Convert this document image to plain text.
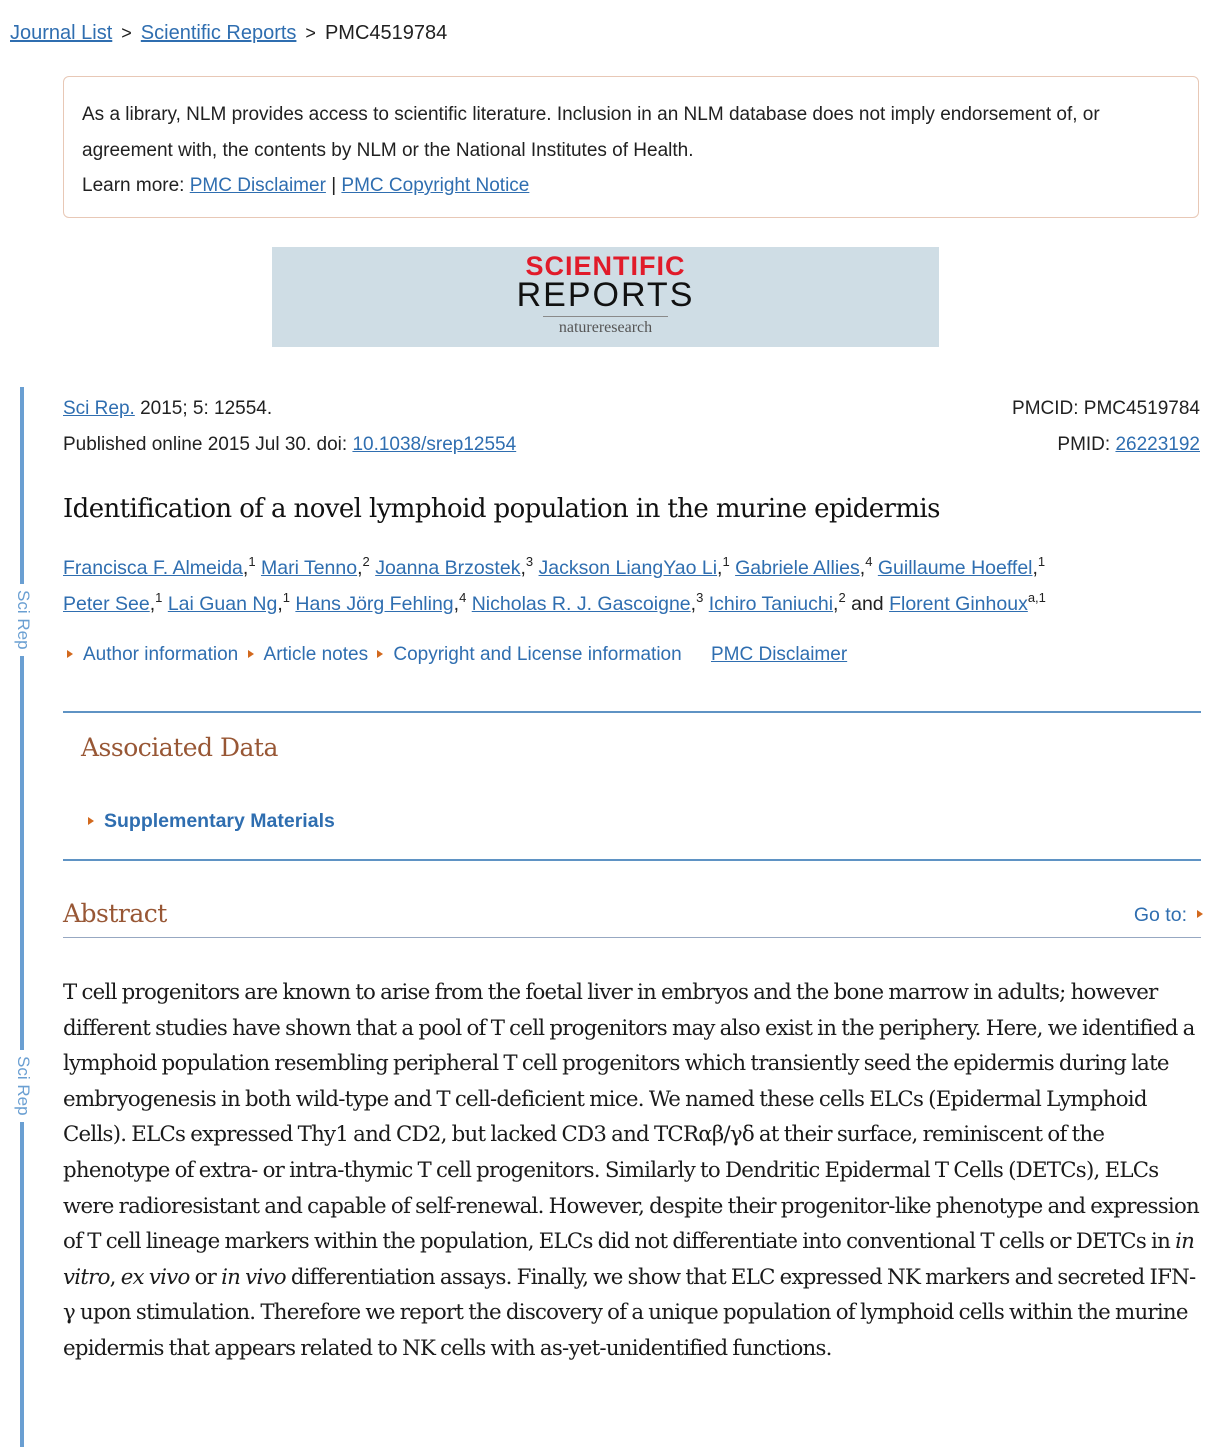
Journal List > Scientific Reports > PMC4519784
As a library, NLM provides access to scientific literature. Inclusion in an NLM database does not imply endorsement of, or agreement with, the contents by NLM or the National Institutes of Health.
Learn more: PMC Disclaimer | PMC Copyright Notice
SCIENTIFIC
REPORTS
natureresearch
Sci Rep
Sci Rep
Sci Rep. 2015; 5: 12554.
Published online 2015 Jul 30. doi: 10.1038/srep12554
PMCID: PMC4519784
PMID: 26223192
Identification of a novel lymphoid population in the murine epidermis
Francisca F. Almeida,$^1$ Mari Tenno,$^2$ Joanna Brzostek,$^3$ Jackson LiangYao Li,$^1$ Gabriele Allies,$^4$ Guillaume Hoeffel,$^1$
Peter See,$^1$ Lai Guan Ng,$^1$ Hans Jörg Fehling,$^4$ Nicholas R. J. Gascoigne,$^3$ Ichiro Taniuchi,$^2$ and Florent Ginhoux$^{a,1}$
Author information Article notes Copyright and License information PMC Disclaimer
Associated Data
Supplementary Materials
Abstract	Go to:

T cell progenitors are known to arise from the foetal liver in embryos and the bone marrow in adults; however different studies have shown that a pool of T cell progenitors may also exist in the periphery. Here, we identified a lymphoid population resembling peripheral T cell progenitors which transiently seed the epidermis during late embryogenesis in both wild-type and T cell-deficient mice. We named these cells ELCs (Epidermal Lymphoid Cells). ELCs expressed Thy1 and CD2, but lacked CD3 and TCRαβ/γδ at their surface, reminiscent of the phenotype of extra- or intra-thymic T cell progenitors. Similarly to Dendritic Epidermal T Cells (DETCs), ELCs were radioresistant and capable of self-renewal. However, despite their progenitor-like phenotype and expression of T cell lineage markers within the population, ELCs did not differentiate into conventional T cells or DETCs in in vitro, ex vivo or in vivo differentiation assays. Finally, we show that ELC expressed NK markers and secreted IFN-γ upon stimulation. Therefore we report the discovery of a unique population of lymphoid cells within the murine epidermis that appears related to NK cells with as-yet-unidentified functions.
